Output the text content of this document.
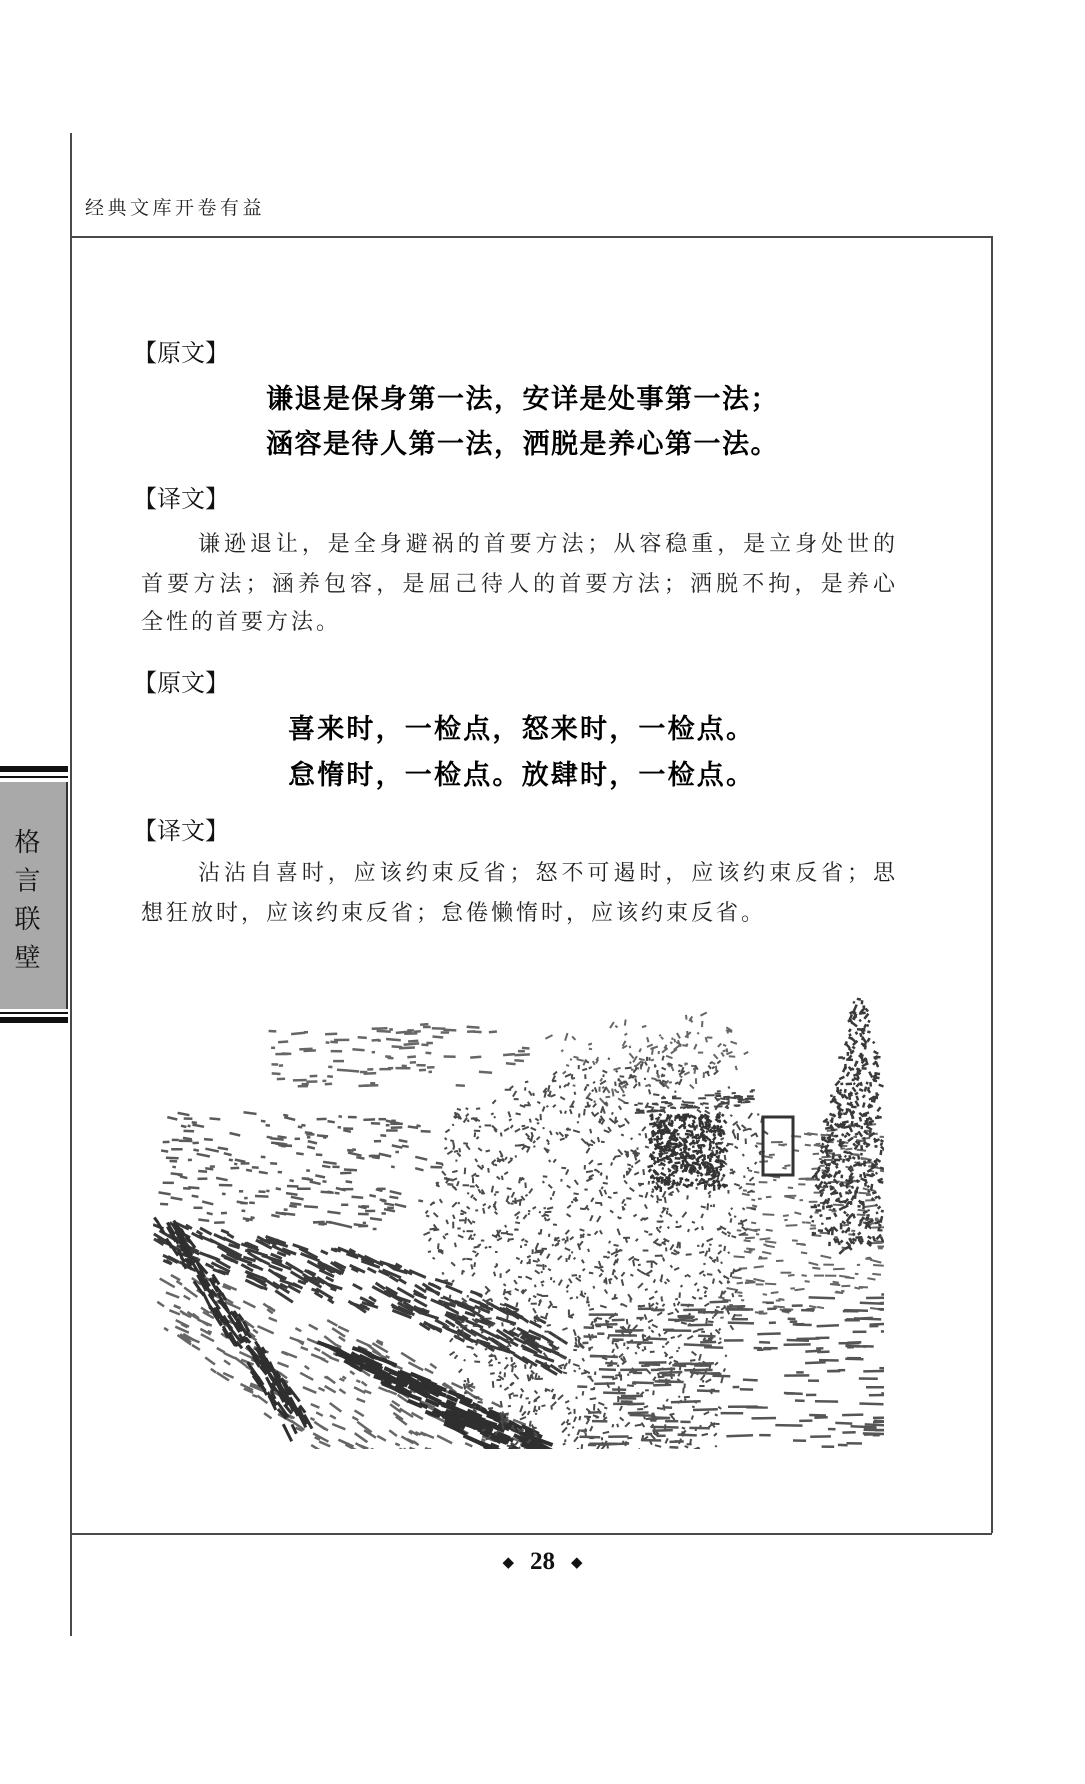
经典文库开卷有益
格言联壁
【原文】
谦退是保身第一法，安详是处事第一法；
涵容是待人第一法，洒脱是养心第一法。
【译文】
谦逊退让，是全身避祸的首要方法；从容稳重，是立身处世的
首要方法；涵养包容，是屈己待人的首要方法；洒脱不拘，是养心
全性的首要方法。
【原文】
喜来时，一检点，怒来时，一检点。
怠惰时，一检点。放肆时，一检点。
【译文】
沾沾自喜时，应该约束反省；怒不可遏时，应该约束反省；思
想狂放时，应该约束反省；怠倦懒惰时，应该约束反省。
◆ 28 ◆
